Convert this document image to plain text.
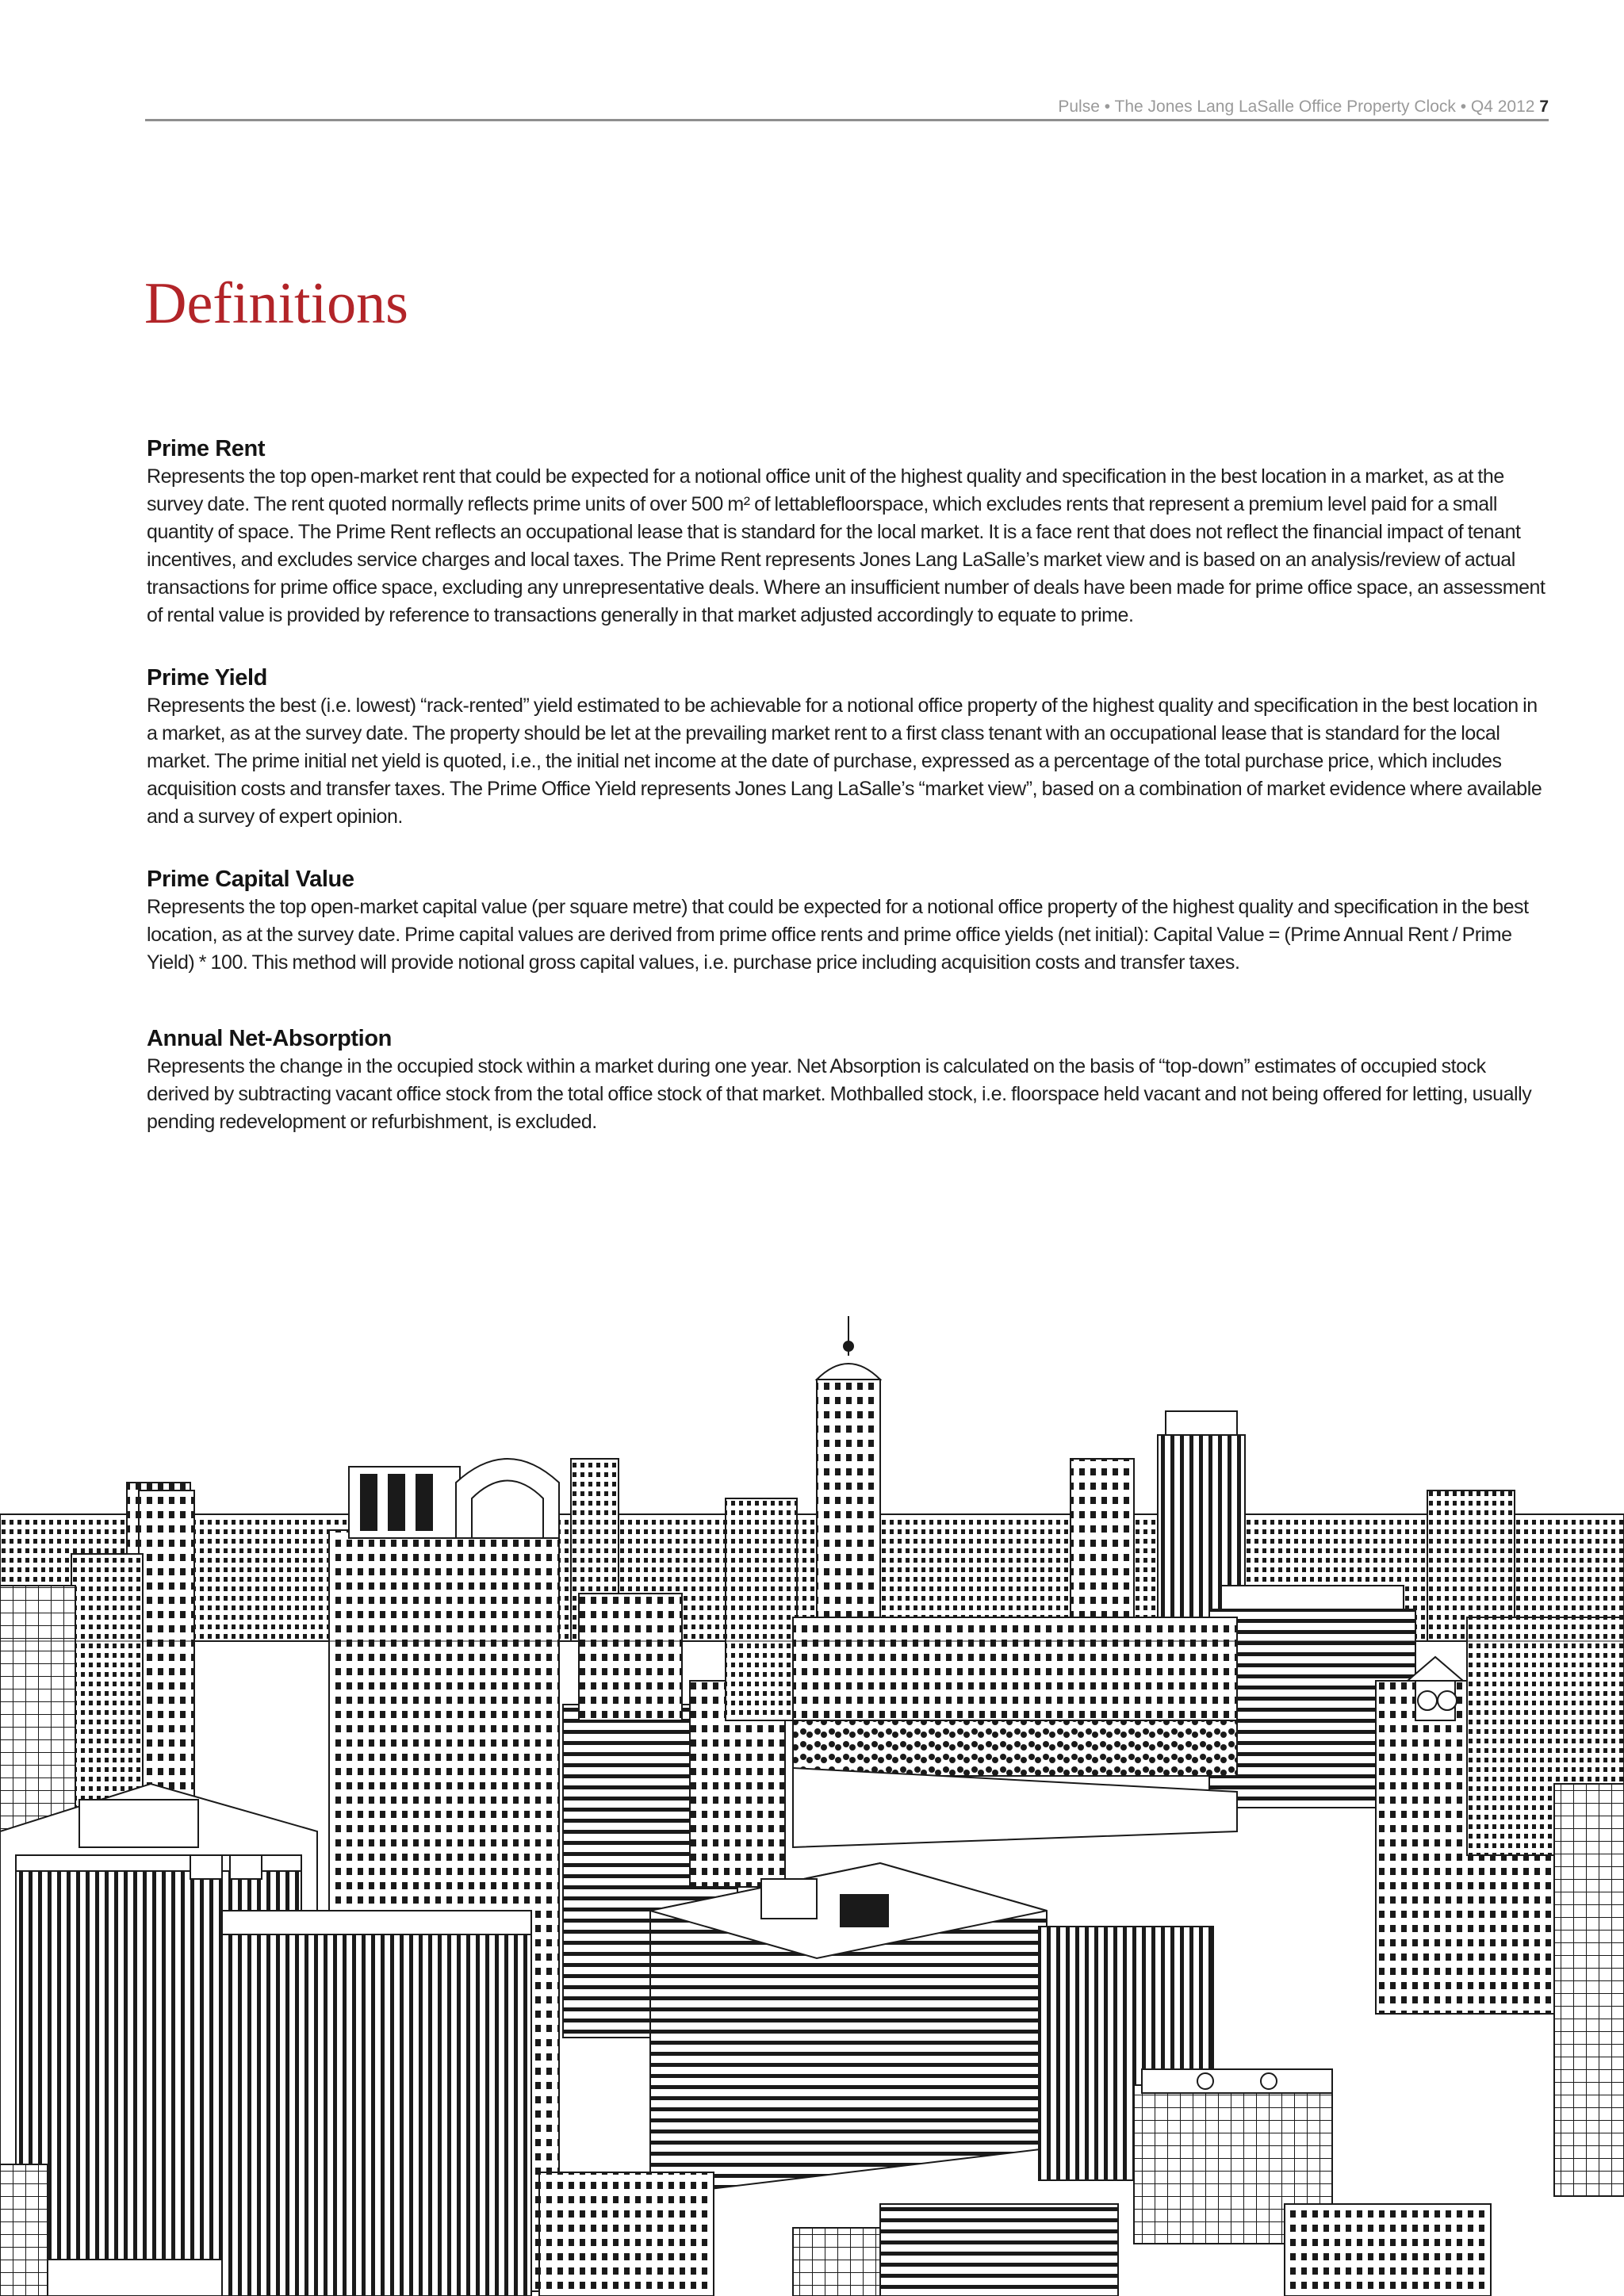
Pulse • The Jones Lang LaSalle Office Property Clock • Q4 2012 7
Definitions
Prime Rent

Represents the top open-market rent that could be expected for a notional office unit of the highest quality and specification in the best location in a market, as at the survey date. The rent quoted normally reflects prime units of over 500 m² of lettablefloorspace, which excludes rents that represent a premium level paid for a small quantity of space. The Prime Rent reflects an occupational lease that is standard for the local market. It is a face rent that does not reflect the financial impact of tenant incentives, and excludes service charges and local taxes. The Prime Rent represents Jones Lang LaSalle’s market view and is based on an analysis/review of actual transactions for prime office space, excluding any unrepresentative deals. Where an insufficient number of deals have been made for prime office space, an assessment of rental value is provided by reference to transactions generally in that market adjusted accordingly to equate to prime.

Prime Yield

Represents the best (i.e. lowest) “rack-rented” yield estimated to be achievable for a notional office property of the highest quality and specification in the best location in a market, as at the survey date. The property should be let at the prevailing market rent to a first class tenant with an occupational lease that is standard for the local market. The prime initial net yield is quoted, i.e., the initial net income at the date of purchase, expressed as a percentage of the total purchase price, which includes acquisition costs and transfer taxes. The Prime Office Yield represents Jones Lang LaSalle’s “market view”, based on a combination of market evidence where available and a survey of expert opinion.

Prime Capital Value

Represents the top open-market capital value (per square metre) that could be expected for a notional office property of the highest quality and specification in the best location, as at the survey date. Prime capital values are derived from prime office rents and prime office yields (net initial): Capital Value = (Prime Annual Rent / Prime Yield) * 100. This method will provide notional gross capital values, i.e. purchase price including acquisition costs and transfer taxes.

Annual Net-Absorption

Represents the change in the occupied stock within a market during one year. Net Absorption is calculated on the basis of “top-down” estimates of occupied stock derived by subtracting vacant office stock from the total office stock of that market. Mothballed stock, i.e. floorspace held vacant and not being offered for letting, usually pending redevelopment or refurbishment, is excluded.
